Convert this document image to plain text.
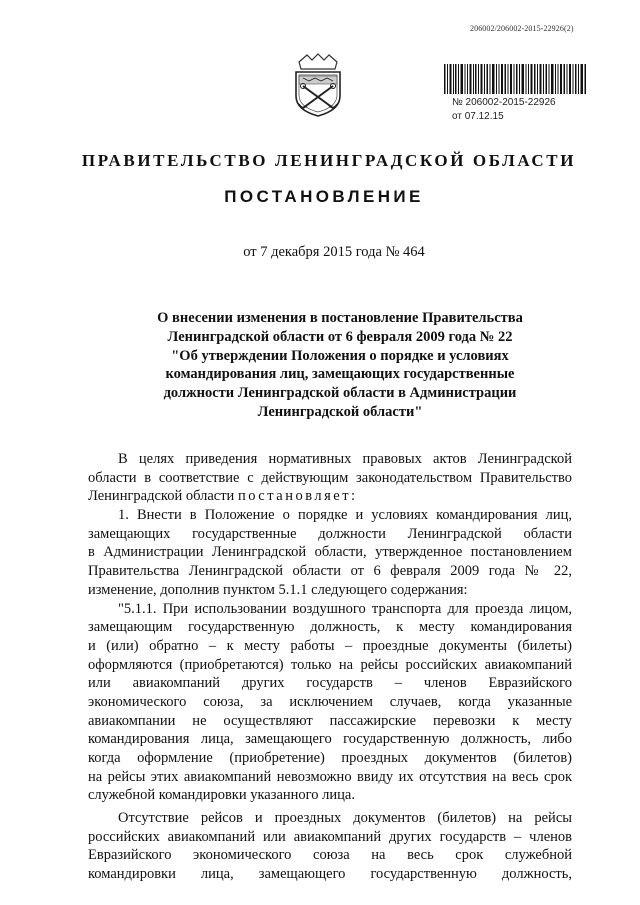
206002/206002-2015-22926(2)
№ 206002-2015-22926
от 07.12.15
ПРАВИТЕЛЬСТВО ЛЕНИНГРАДСКОЙ ОБЛАСТИ
ПОСТАНОВЛЕНИЕ
от 7 декабря 2015 года № 464
О внесении изменения в постановление Правительства
Ленинградской области от 6 февраля 2009 года № 22
"Об утверждении Положения о порядке и условиях
командирования лиц, замещающих государственные
должности Ленинградской области в Администрации
Ленинградской области"
В целях приведения нормативных правовых актов Ленинградской
области в соответствие с действующим законодательством Правительство
Ленинградской области постановляет:
1. Внести в Положение о порядке и условиях командирования лиц,
замещающих государственные должности Ленинградской области
в Администрации Ленинградской области, утвержденное постановлением
Правительства Ленинградской области от 6 февраля 2009 года № 22,
изменение, дополнив пунктом 5.1.1 следующего содержания:
"5.1.1. При использовании воздушного транспорта для проезда лицом,
замещающим государственную должность, к месту командирования
и (или) обратно – к месту работы – проездные документы (билеты)
оформляются (приобретаются) только на рейсы российских авиакомпаний
или авиакомпаний других государств – членов Евразийского
экономического союза, за исключением случаев, когда указанные
авиакомпании не осуществляют пассажирские перевозки к месту
командирования лица, замещающего государственную должность, либо
когда оформление (приобретение) проездных документов (билетов)
на рейсы этих авиакомпаний невозможно ввиду их отсутствия на весь срок
служебной командировки указанного лица.
Отсутствие рейсов и проездных документов (билетов) на рейсы
российских авиакомпаний или авиакомпаний других государств – членов
Евразийского экономического союза на весь срок служебной
командировки лица, замещающего государственную должность,
